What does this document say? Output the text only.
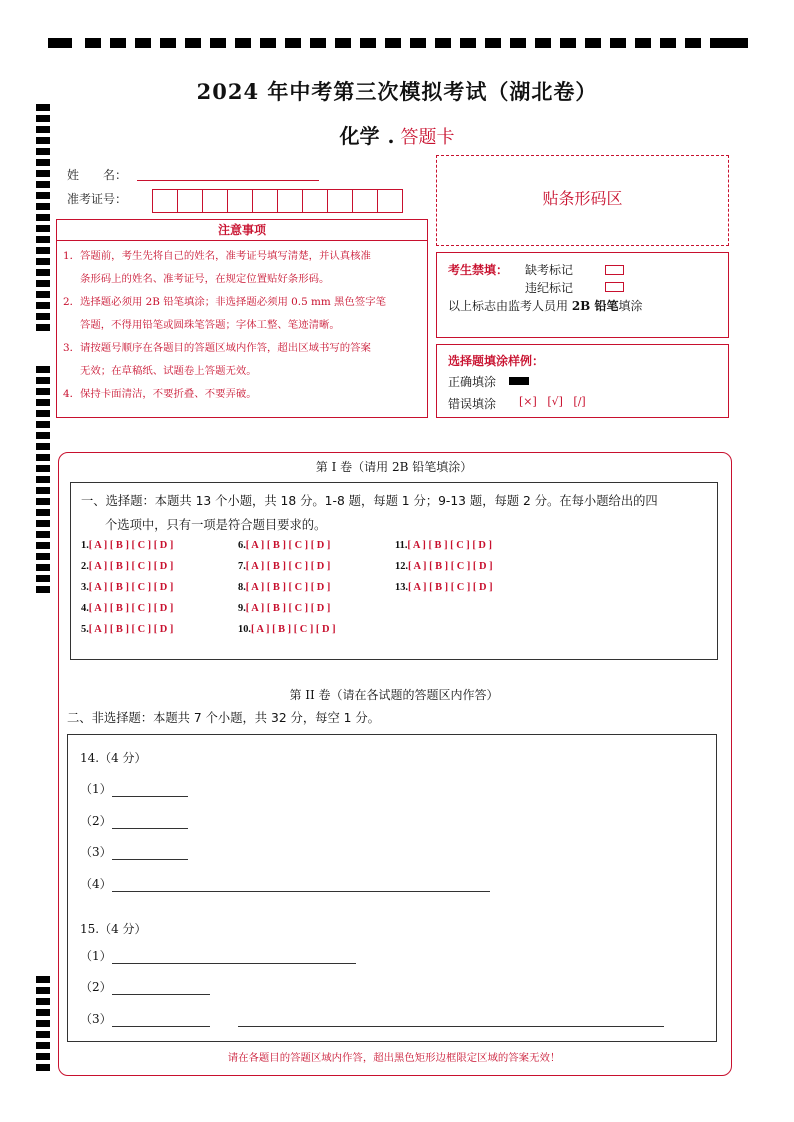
2024 年中考第三次模拟考试（湖北卷）
化学 . 答题卡
姓　　名：
准考证号：
注意事项

1．答题前，考生先将自己的姓名，准考证号填写清楚，并认真核准

条形码上的姓名、准考证号，在规定位置贴好条形码。

2．选择题必须用 2B 铅笔填涂；非选择题必须用 0.5 mm 黑色签字笔

答题，不得用铅笔或圆珠笔答题；字体工整、笔迹清晰。

3．请按题号顺序在各题目的答题区域内作答，超出区域书写的答案

无效；在草稿纸、试题卷上答题无效。

4．保持卡面清洁，不要折叠、不要弄破。

贴条形码区
考生禁填： 缺考标记
违纪标记
以上标志由监考人员用 2B 铅笔填涂
选择题填涂样例：
正确填涂
错误填涂 [×] [√] [/]
第 I 卷（请用 2B 铅笔填涂）
一、选择题：本题共 13 个小题，共 18 分。1-8 题，每题 1 分；9-13 题，每题 2 分。在每小题给出的四
个选项中，只有一项是符合题目要求的。
1.[ A ] [ B ] [ C ] [ D ]
2.[ A ] [ B ] [ C ] [ D ]
3.[ A ] [ B ] [ C ] [ D ]
4.[ A ] [ B ] [ C ] [ D ]
5.[ A ] [ B ] [ C ] [ D ]
6.[ A ] [ B ] [ C ] [ D ]
7.[ A ] [ B ] [ C ] [ D ]
8.[ A ] [ B ] [ C ] [ D ]
9.[ A ] [ B ] [ C ] [ D ]
10.[ A ] [ B ] [ C ] [ D ]
11.[ A ] [ B ] [ C ] [ D ]
12.[ A ] [ B ] [ C ] [ D ]
13.[ A ] [ B ] [ C ] [ D ]
第 II 卷（请在各试题的答题区内作答）
二、非选择题：本题共 7 个小题，共 32 分，每空 1 分。
14.（4 分）
（1）
（2）
（3）
（4）
15.（4 分）
（1）
（2）
（3）
请在各题目的答题区域内作答，超出黑色矩形边框限定区域的答案无效！
